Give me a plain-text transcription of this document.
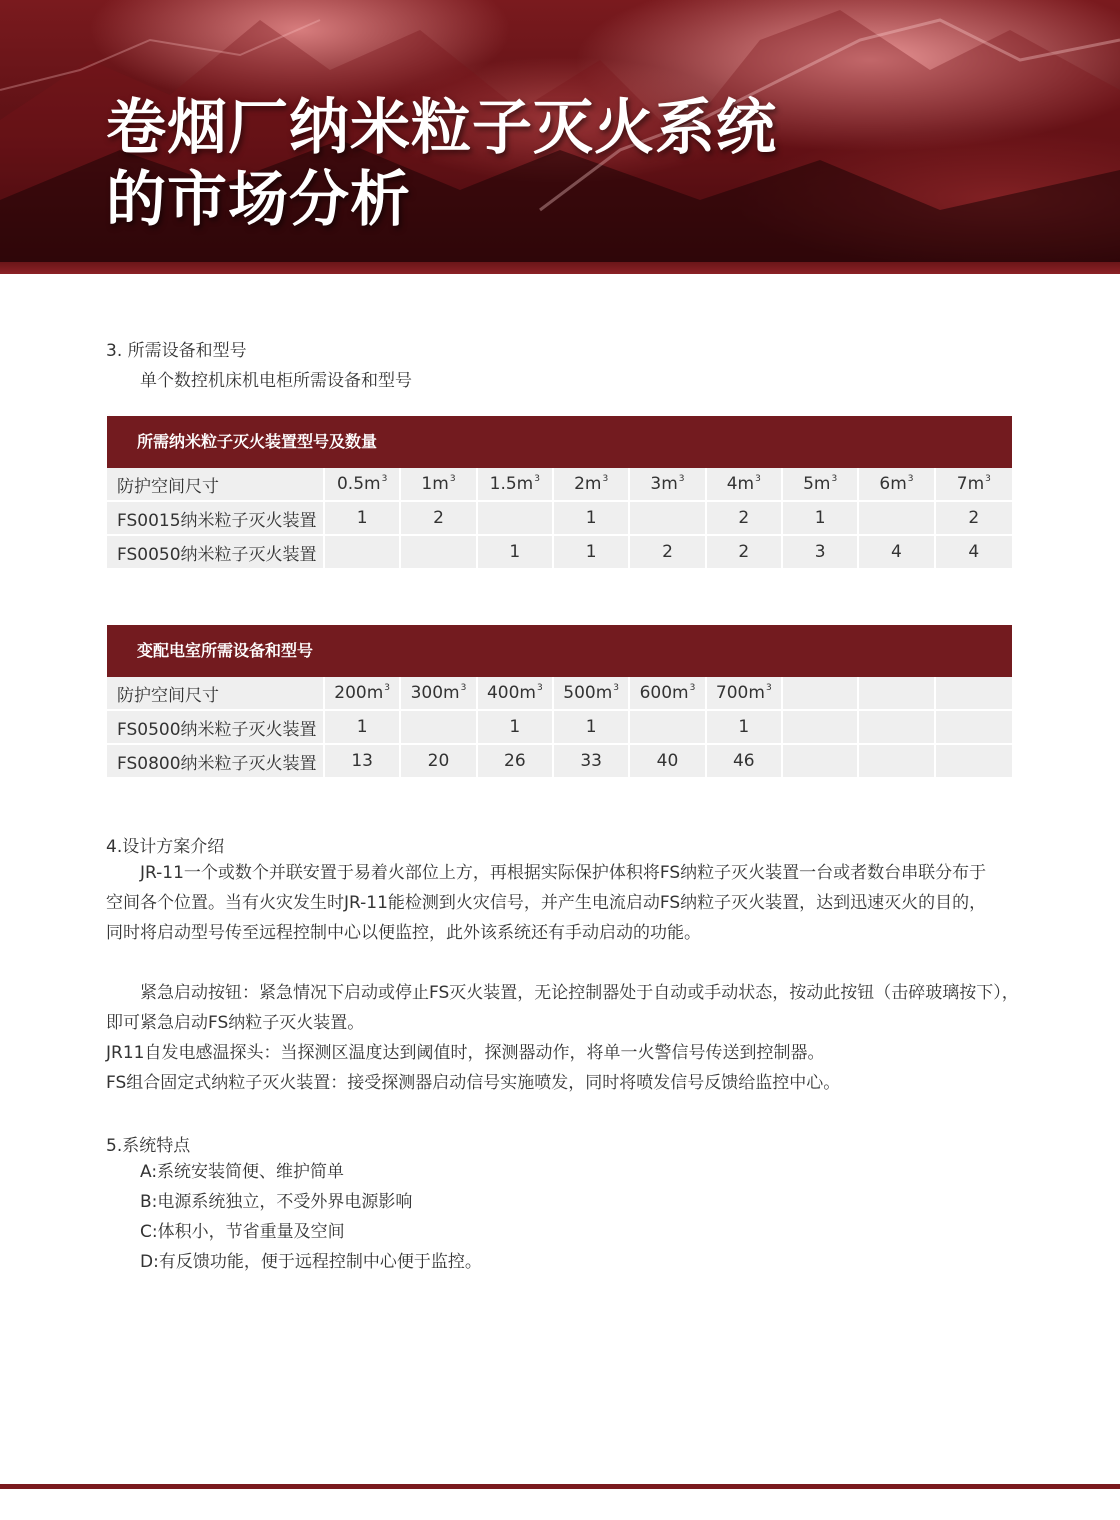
卷烟厂纳米粒子灭火系统
的市场分析

3. 所需设备和型号

单个数控机床机电柜所需设备和型号

所需纳米粒子灭火装置型号及数量
防护空间尺寸	$0.5m^3$	$1m^3$	$1.5m^3$	$2m^3$	$3m^3$	$4m^3$	$5m^3$	$6m^3$	$7m^3$
FS0015纳米粒子灭火装置	1	2		1		2	1		2
FS0050纳米粒子灭火装置			1	1	2	2	3	4	4
变配电室所需设备和型号
防护空间尺寸	$200m^3$	$300m^3$	$400m^3$	$500m^3$	$600m^3$	$700m^3$			
FS0500纳米粒子灭火装置	1		1	1		1			
FS0800纳米粒子灭火装置	13	20	26	33	40	46			

4.设计方案介绍

JR-11一个或数个并联安置于易着火部位上方，再根据实际保护体积将FS纳粒子灭火装置一台或者数台串联分布于
空间各个位置。当有火灾发生时JR-11能检测到火灾信号，并产生电流启动FS纳粒子灭火装置，达到迅速灭火的目的，
同时将启动型号传至远程控制中心以便监控，此外该系统还有手动启动的功能。
紧急启动按钮：紧急情况下启动或停止FS灭火装置，无论控制器处于自动或手动状态，按动此按钮（击碎玻璃按下），
即可紧急启动FS纳粒子灭火装置。
JR11自发电感温探头：当探测区温度达到阈值时，探测器动作，将单一火警信号传送到控制器。
FS组合固定式纳粒子灭火装置：接受探测器启动信号实施喷发，同时将喷发信号反馈给监控中心。

5.系统特点

A:系统安装简便、维护简单
B:电源系统独立，不受外界电源影响
C:体积小，节省重量及空间
D:有反馈功能，便于远程控制中心便于监控。
